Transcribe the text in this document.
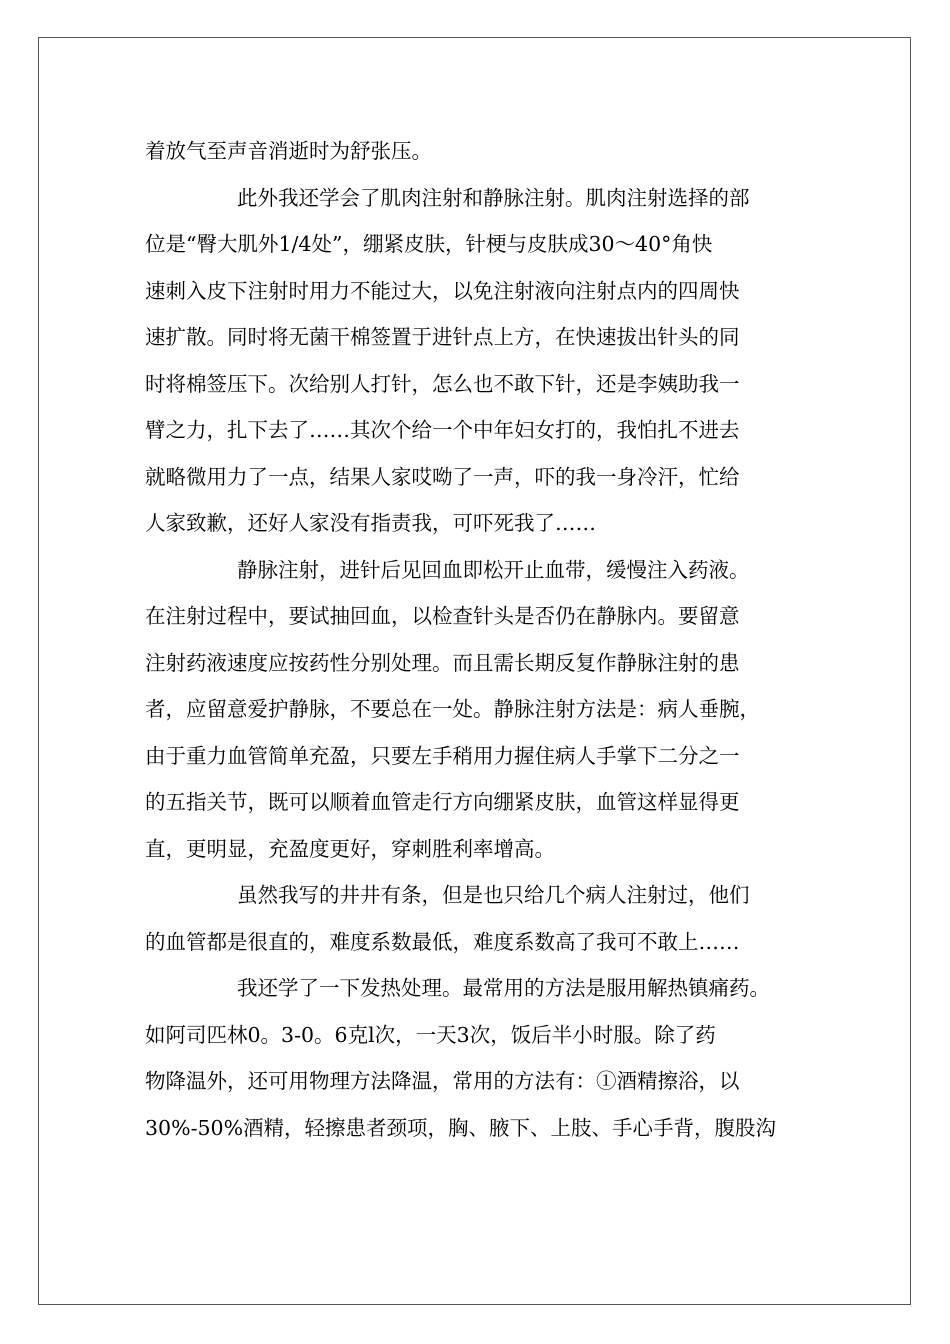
着放气至声音消逝时为舒张压。
此外我还学会了肌肉注射和静脉注射。肌肉注射选择的部
位是“臀大肌外1/4处”，绷紧皮肤，针梗与皮肤成30～40°角快
速刺入皮下注射时用力不能过大，以免注射液向注射点内的四周快
速扩散。同时将无菌干棉签置于进针点上方，在快速拔出针头的同
时将棉签压下。次给别人打针，怎么也不敢下针，还是李姨助我一
臂之力，扎下去了……其次个给一个中年妇女打的，我怕扎不进去
就略微用力了一点，结果人家哎呦了一声，吓的我一身冷汗，忙给
人家致歉，还好人家没有指责我，可吓死我了……
静脉注射，进针后见回血即松开止血带，缓慢注入药液。
在注射过程中，要试抽回血，以检查针头是否仍在静脉内。要留意
注射药液速度应按药性分别处理。而且需长期反复作静脉注射的患
者，应留意爱护静脉，不要总在一处。静脉注射方法是：病人垂腕，
由于重力血管简单充盈，只要左手稍用力握住病人手掌下二分之一
的五指关节，既可以顺着血管走行方向绷紧皮肤，血管这样显得更
直，更明显，充盈度更好，穿刺胜利率增高。
虽然我写的井井有条，但是也只给几个病人注射过，他们
的血管都是很直的，难度系数最低，难度系数高了我可不敢上……
我还学了一下发热处理。最常用的方法是服用解热镇痛药。
如阿司匹林0。3-0。6克l次，一天3次，饭后半小时服。除了药
物降温外，还可用物理方法降温，常用的方法有：①酒精擦浴，以
30%-50%酒精，轻擦患者颈项，胸、腋下、上肢、手心手背，腹股沟
